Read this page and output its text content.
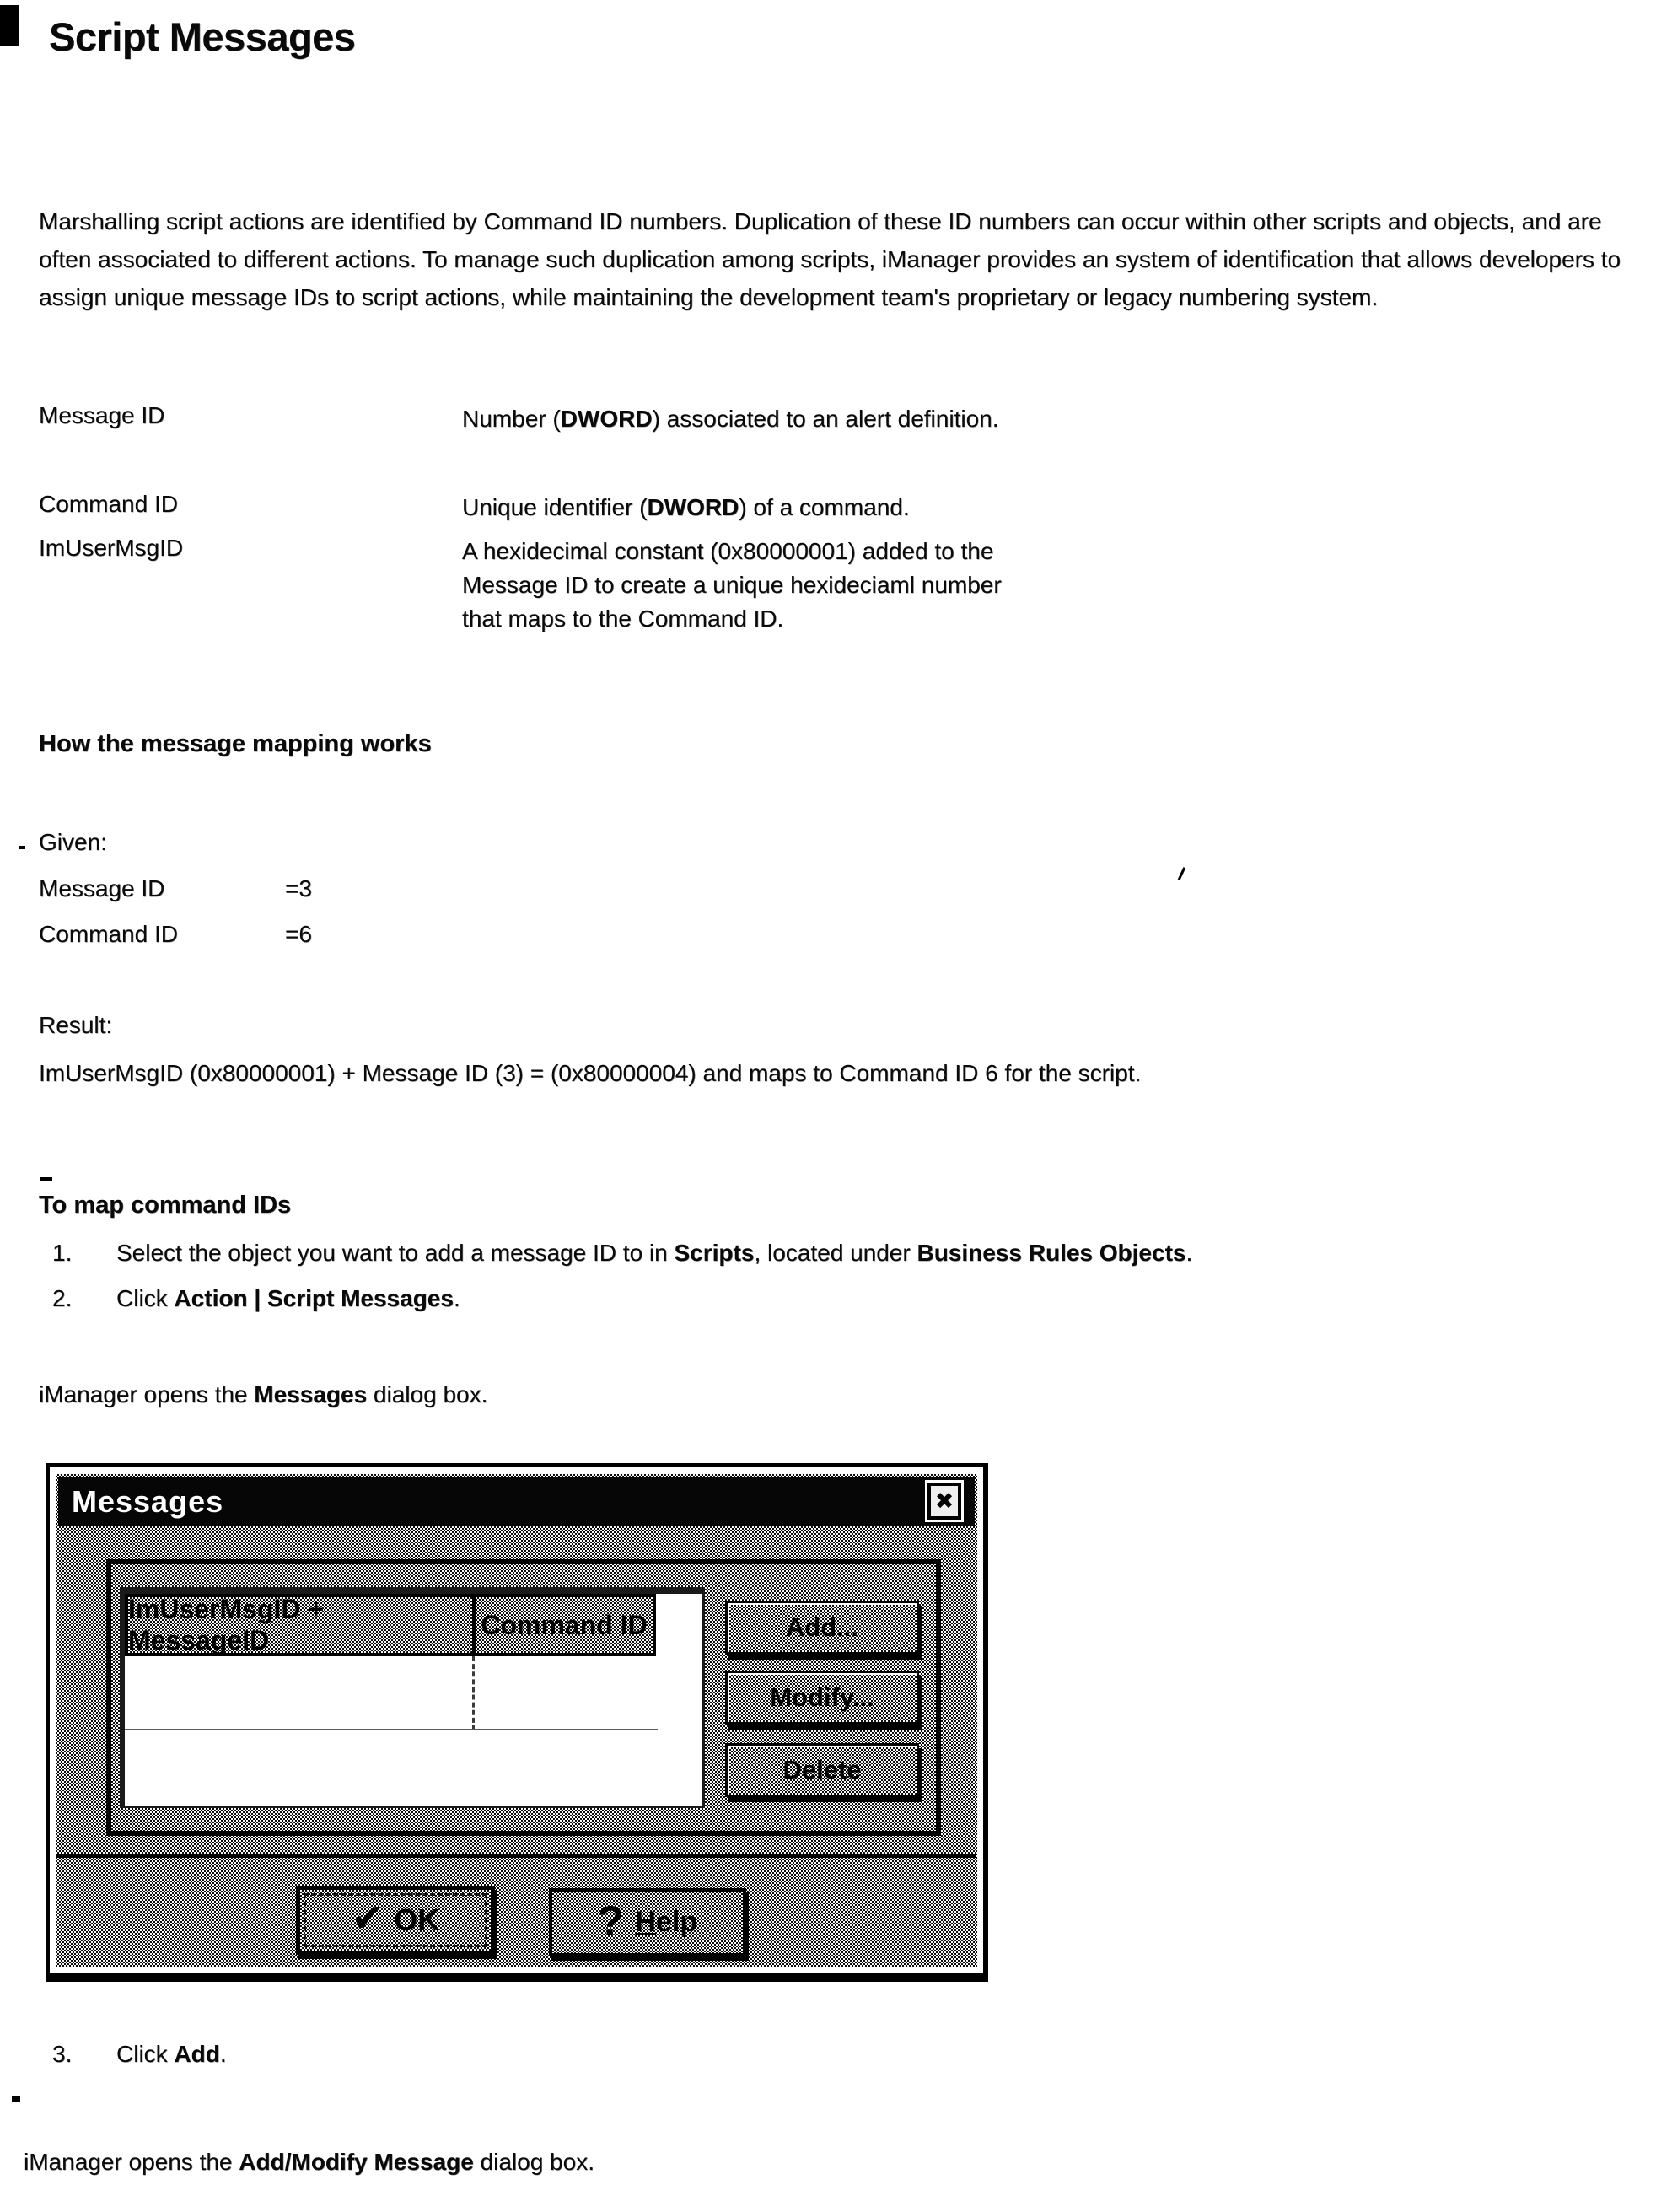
Script Messages
Marshalling script actions are identified by Command ID numbers. Duplication of these ID numbers can occur within other scripts and objects, and are often associated to different actions. To manage such duplication among scripts, iManager provides an system of identification that allows developers to assign unique message IDs to script actions, while maintaining the development team's proprietary or legacy numbering system.
Message ID	Number (DWORD) associated to an alert definition.
Command ID	Unique identifier (DWORD) of a command.
ImUserMsgID	A hexidecimal constant (0x80000001) added to the Message ID to create a unique hexideciaml number that maps to the Command ID.
How the message mapping works
Given:
Message ID	=3
Command ID	=6
Result:
ImUserMsgID (0x80000001) + Message ID (3) = (0x80000004) and maps to Command ID 6 for the script.
To map command IDs
1. Select the object you want to add a message ID to in Scripts, located under Business Rules Objects.
2. Click Action | Script Messages.
iManager opens the Messages dialog box.
Messages	✖
ImUserMsgID + MessageID
Command ID	Add...
Modify...
Delete
✔ OK	? Help
3. Click Add.
iManager opens the Add/Modify Message dialog box.
